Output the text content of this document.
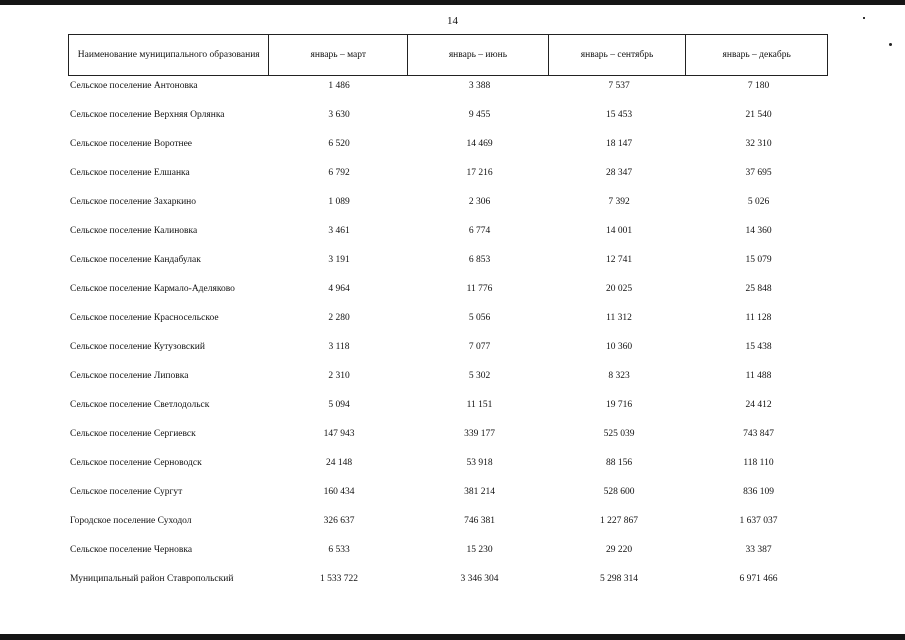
14
Наименование муниципального образования	январь – март	январь – июнь	январь – сентябрь	январь – декабрь
Сельское поселение Антоновка	1 486	3 388	7 537	7 180
Сельское поселение Верхняя Орлянка	3 630	9 455	15 453	21 540
Сельское поселение Воротнее	6 520	14 469	18 147	32 310
Сельское поселение Елшанка	6 792	17 216	28 347	37 695
Сельское поселение Захаркино	1 089	2 306	7 392	5 026
Сельское поселение Калиновка	3 461	6 774	14 001	14 360
Сельское поселение Кандабулак	3 191	6 853	12 741	15 079
Сельское поселение Кармало-Аделяково	4 964	11 776	20 025	25 848
Сельское поселение Красносельское	2 280	5 056	11 312	11 128
Сельское поселение Кутузовский	3 118	7 077	10 360	15 438
Сельское поселение Липовка	2 310	5 302	8 323	11 488
Сельское поселение Светлодольск	5 094	11 151	19 716	24 412
Сельское поселение Сергиевск	147 943	339 177	525 039	743 847
Сельское поселение Серноводск	24 148	53 918	88 156	118 110
Сельское поселение Сургут	160 434	381 214	528 600	836 109
Городское поселение Суходол	326 637	746 381	1 227 867	1 637 037
Сельское поселение Черновка	6 533	15 230	29 220	33 387
Муниципальный район Ставропольский	1 533 722	3 346 304	5 298 314	6 971 466
